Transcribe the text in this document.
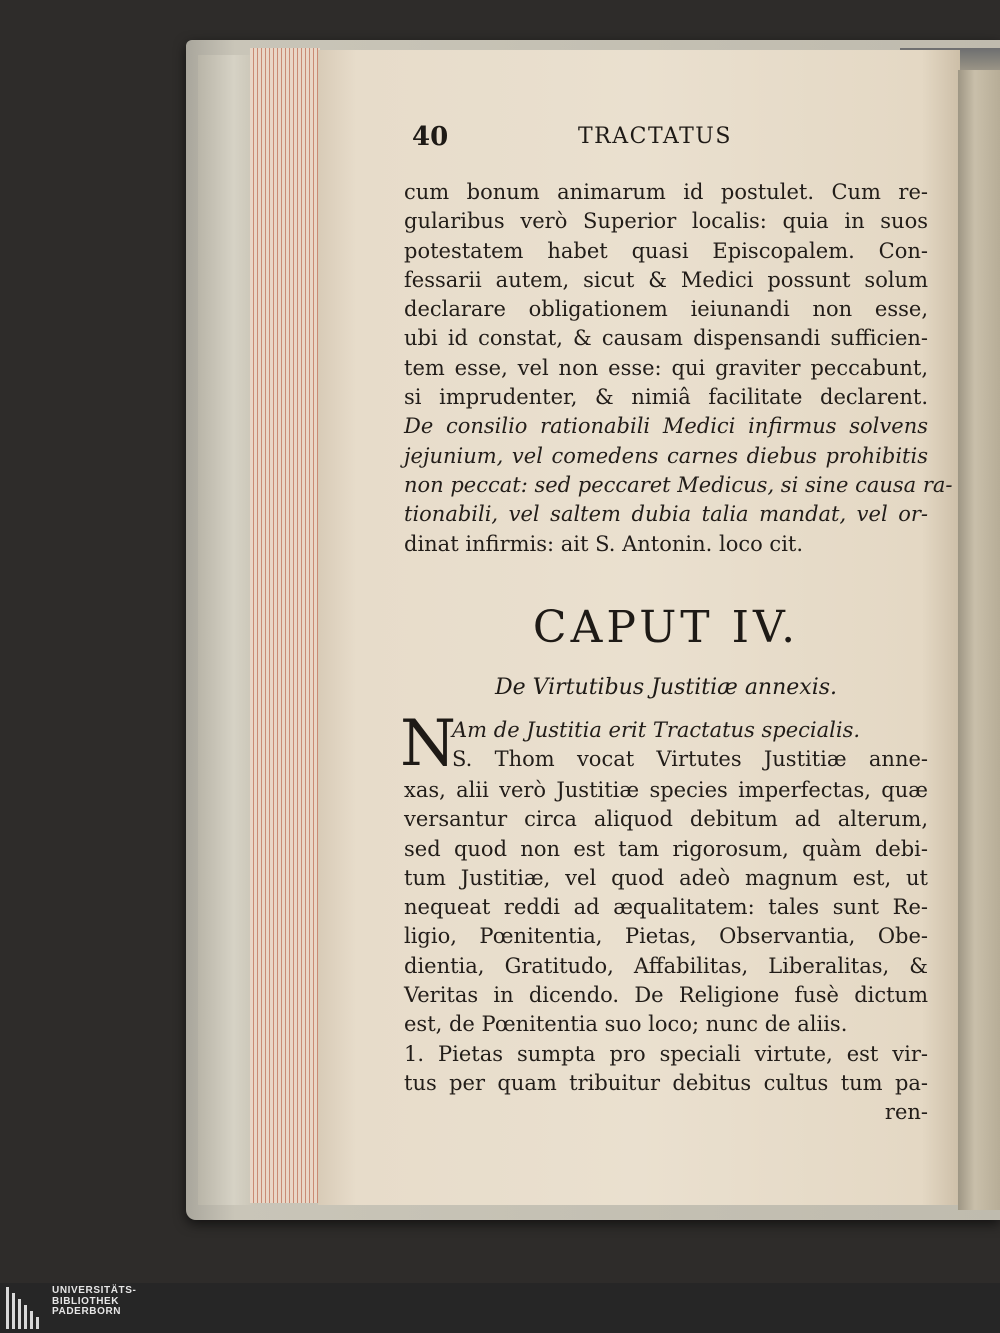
40	TRACTATUS
cum bonum animarum id postulet. Cum re-
gularibus verò Superior localis: quia in suos
potestatem habet quasi Episcopalem. Con-
fessarii autem, sicut & Medici possunt solum
declarare obligationem ieiunandi non esse,
ubi id constat, & causam dispensandi sufficien-
tem esse, vel non esse: qui graviter peccabunt,
si imprudenter, & nimiâ facilitate declarent.
De consilio rationabili Medici infirmus solvens
jejunium, vel comedens carnes diebus prohibitis
non peccat: sed peccaret Medicus, si sine causa ra-
tionabili, vel saltem dubia talia mandat, vel or-
dinat infirmis: ait S. Antonin. loco cit.
CAPUT IV.
De Virtutibus Justitiæ annexis.
N
Am de Justitia erit Tractatus specialis.
S. Thom vocat Virtutes Justitiæ anne-
xas, alii verò Justitiæ species imperfectas, quæ
versantur circa aliquod debitum ad alterum,
sed quod non est tam rigorosum, quàm debi-
tum Justitiæ, vel quod adeò magnum est, ut
nequeat reddi ad æqualitatem: tales sunt Re-
ligio, Pœnitentia, Pietas, Observantia, Obe-
dientia, Gratitudo, Affabilitas, Liberalitas, &
Veritas in dicendo. De Religione fusè dictum
est, de Pœnitentia suo loco; nunc de aliis.
1. Pietas sumpta pro speciali virtute, est vir-
tus per quam tribuitur debitus cultus tum pa-
ren-
UNIVERSITÄTS-
BIBLIOTHEK
PADERBORN
